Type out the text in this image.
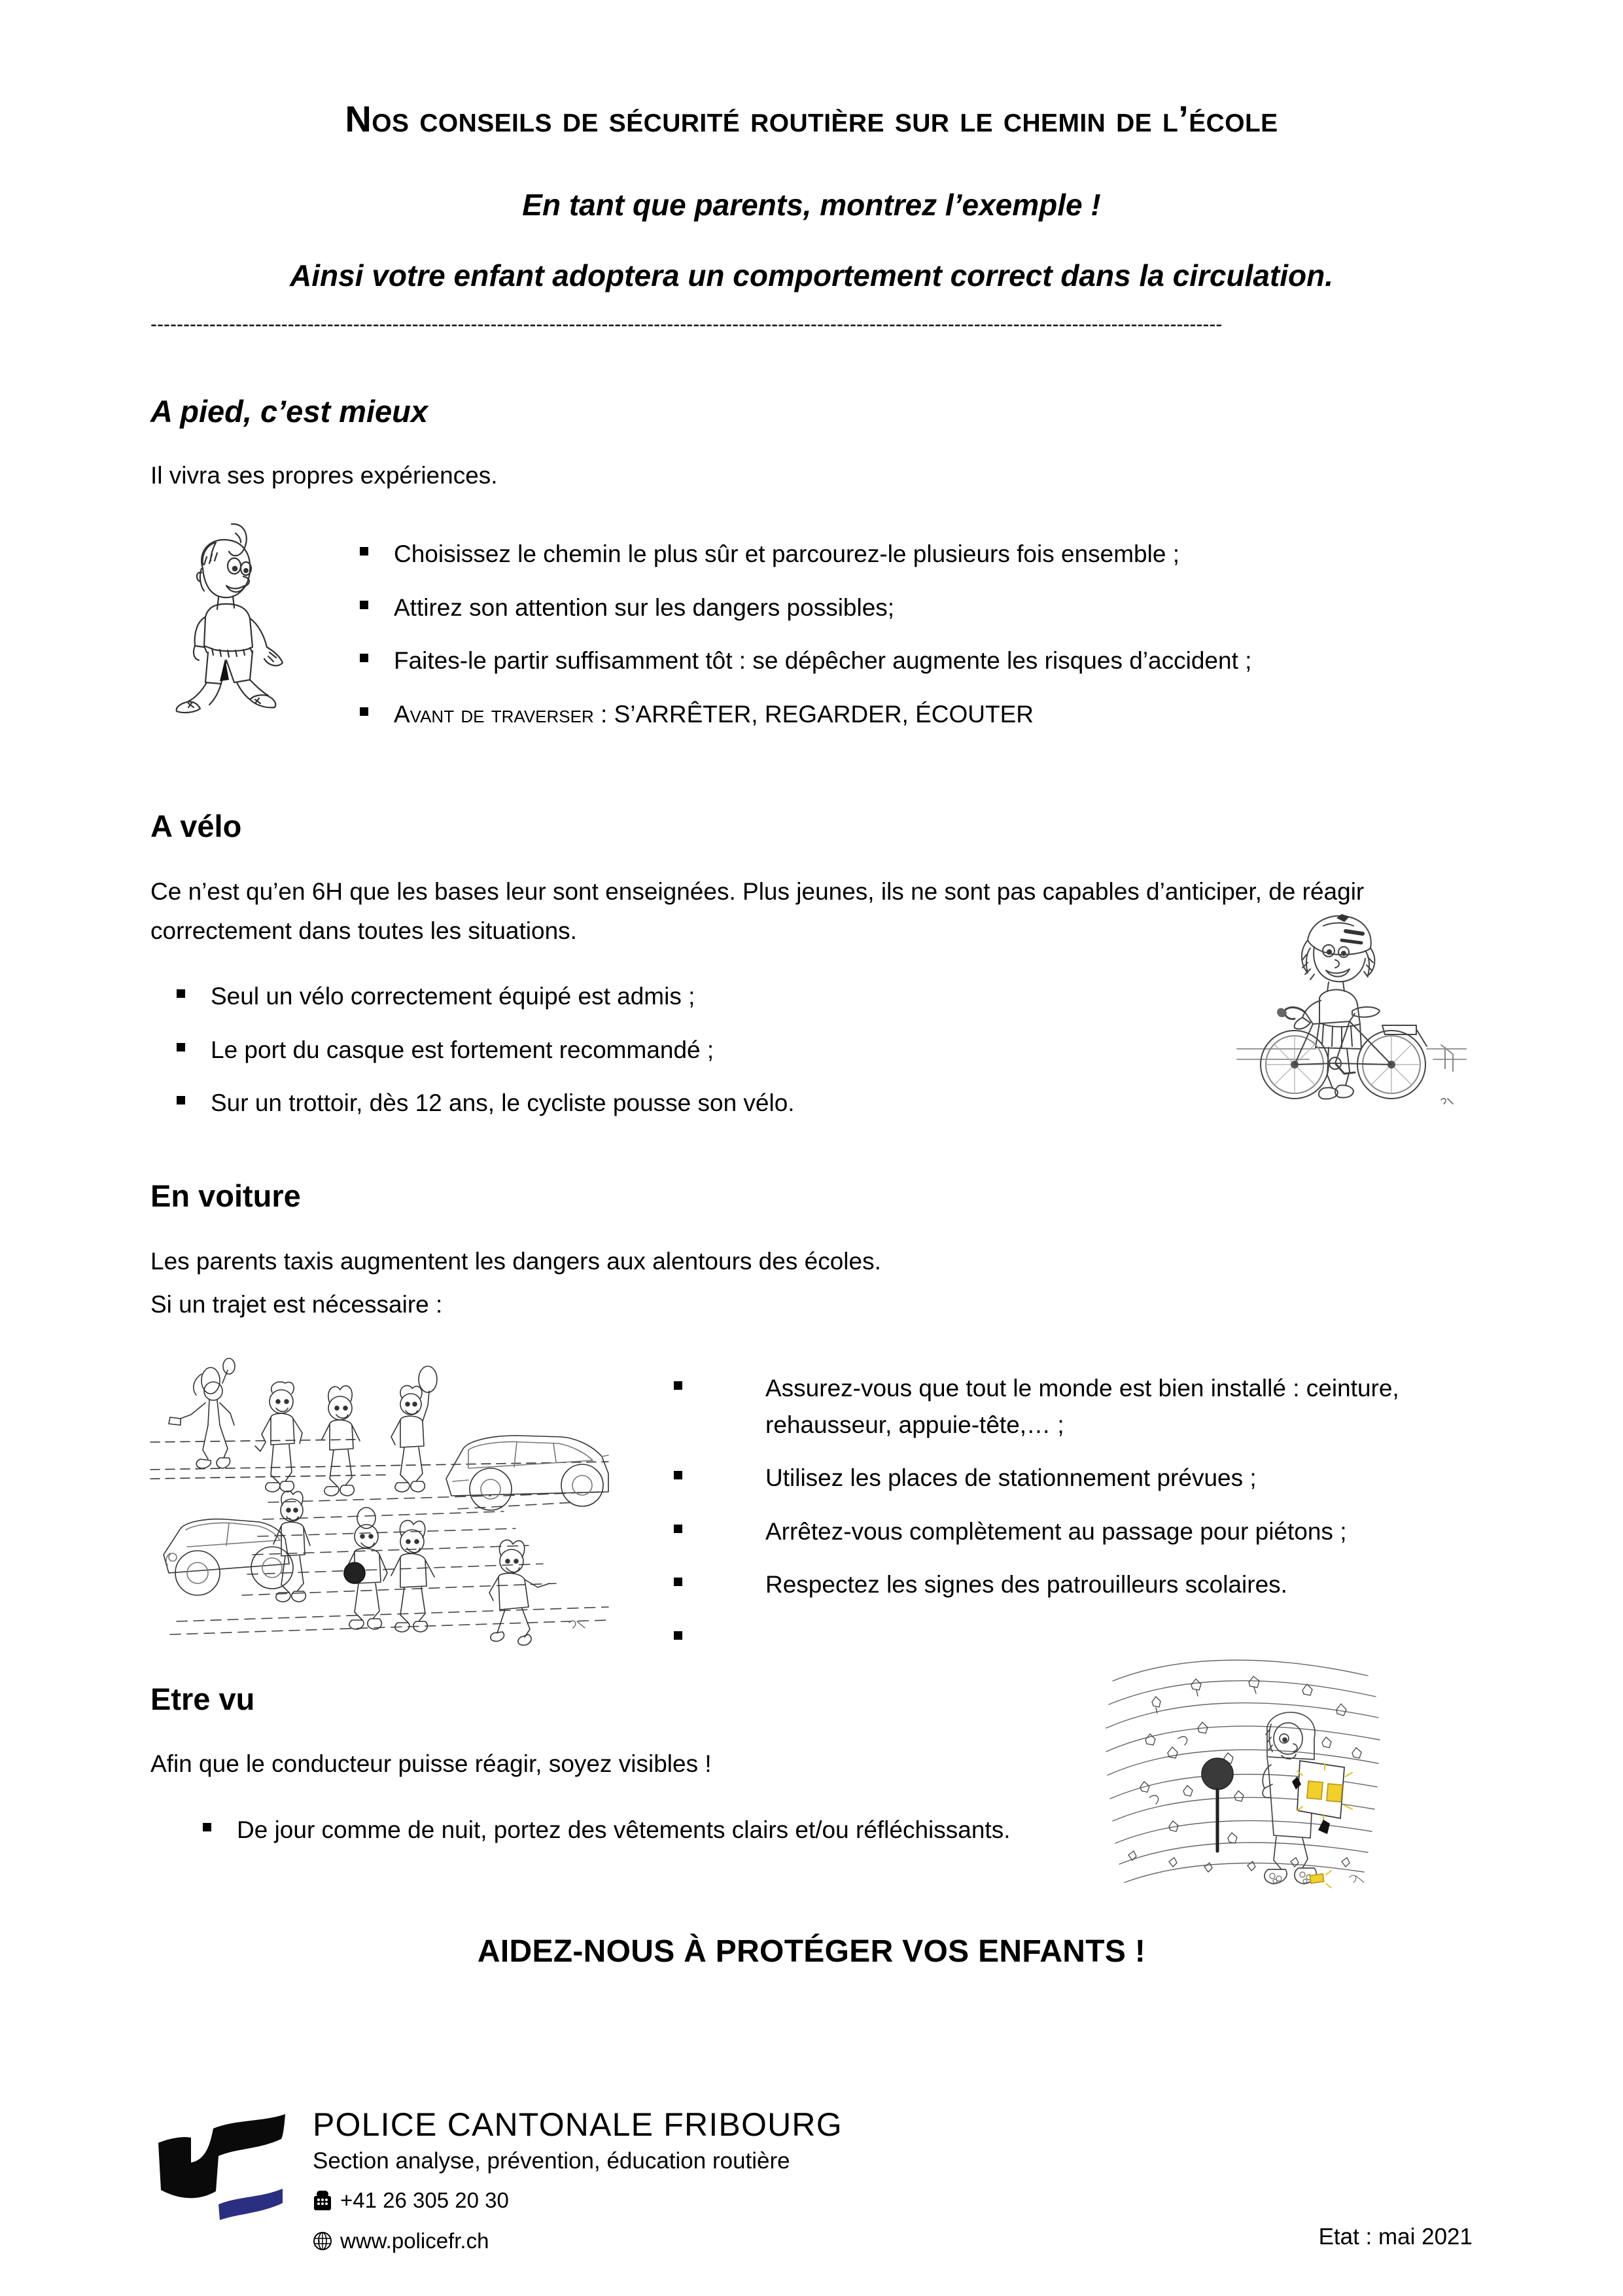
Nos conseils de sécurité routière sur le chemin de l’école
En tant que parents, montrez l’exemple !
Ainsi votre enfant adoptera un comportement correct dans la circulation.
--------------------------------------------------------------------------------------------------------------------------------------------------------------------
A pied, c’est mieux
Il vivra ses propres expériences.
Choisissez le chemin le plus sûr et parcourez-le plusieurs fois ensemble ;
Attirez son attention sur les dangers possibles;
Faites-le partir suffisamment tôt : se dépêcher augmente les risques d’accident ;
Avant de traverser : S’ARRÊTER, REGARDER, ÉCOUTER
A vélo
Ce n’est qu’en 6H que les bases leur sont enseignées. Plus jeunes, ils ne sont pas capables d’anticiper, de réagir correctement dans toutes les situations.
Seul un vélo correctement équipé est admis ;
Le port du casque est fortement recommandé ;
Sur un trottoir, dès 12 ans, le cycliste pousse son vélo.
En voiture
Les parents taxis augmentent les dangers aux alentours des écoles.
Si un trajet est nécessaire :
Assurez-vous que tout le monde est bien installé : ceinture, rehausseur, appuie-tête,… ;
Utilisez les places de stationnement prévues ;
Arrêtez-vous complètement au passage pour piétons ;
Respectez les signes des patrouilleurs scolaires.
Etre vu
Afin que le conducteur puisse réagir, soyez visibles !
De jour comme de nuit, portez des vêtements clairs et/ou réfléchissants.
AIDEZ-NOUS À PROTÉGER VOS ENFANTS !
POLICE CANTONALE FRIBOURG
Section analyse, prévention, éducation routière
+41 26 305 20 30
www.policefr.ch	Etat : mai 2021
